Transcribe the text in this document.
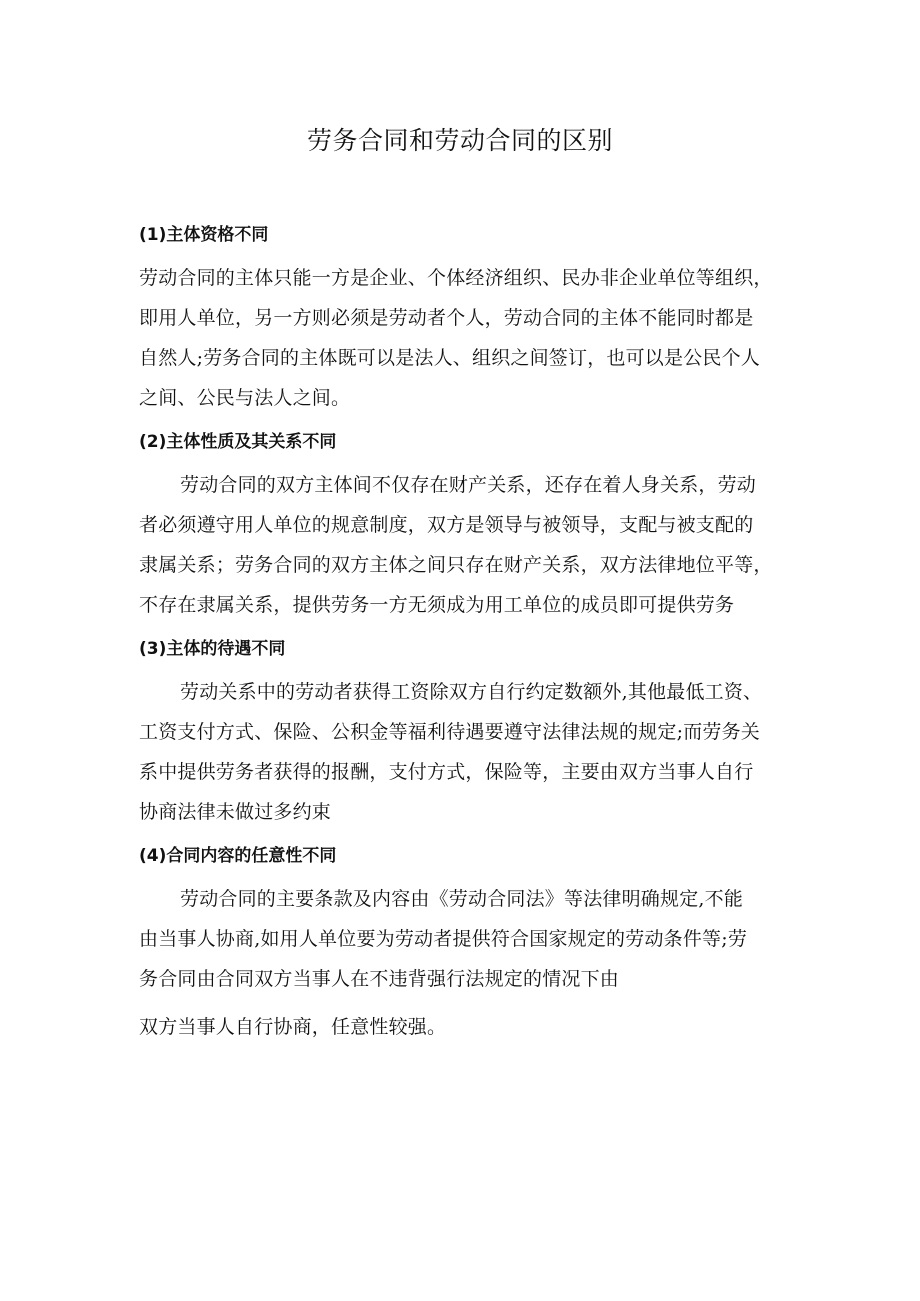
劳务合同和劳动合同的区别
(1)主体资格不同

劳动合同的主体只能一方是企业、个体经济组织、民办非企业单位等组织，
即用人单位，另一方则必须是劳动者个人，劳动合同的主体不能同时都是
自然人;劳务合同的主体既可以是法人、组织之间签订，也可以是公民个人
之间、公民与法人之间。

(2)主体性质及其关系不同

劳动合同的双方主体间不仅存在财产关系，还存在着人身关系，劳动
者必须遵守用人单位的规意制度，双方是领导与被领导，支配与被支配的
隶属关系；劳务合同的双方主体之间只存在财产关系，双方法律地位平等，
不存在隶属关系，提供劳务一方无须成为用工单位的成员即可提供劳务

(3)主体的待遇不同

劳动关系中的劳动者获得工资除双方自行约定数额外,其他最低工资、
工资支付方式、保险、公积金等福利待遇要遵守法律法规的规定;而劳务关
系中提供劳务者获得的报酬，支付方式，保险等，主要由双方当事人自行
协商法律未做过多约束

(4)合同内容的任意性不同

劳动合同的主要条款及内容由《劳动合同法》等法律明确规定,不能
由当事人协商,如用人单位要为劳动者提供符合国家规定的劳动条件等;劳
务合同由合同双方当事人在不违背强行法规定的情况下由
双方当事人自行协商，任意性较强。
